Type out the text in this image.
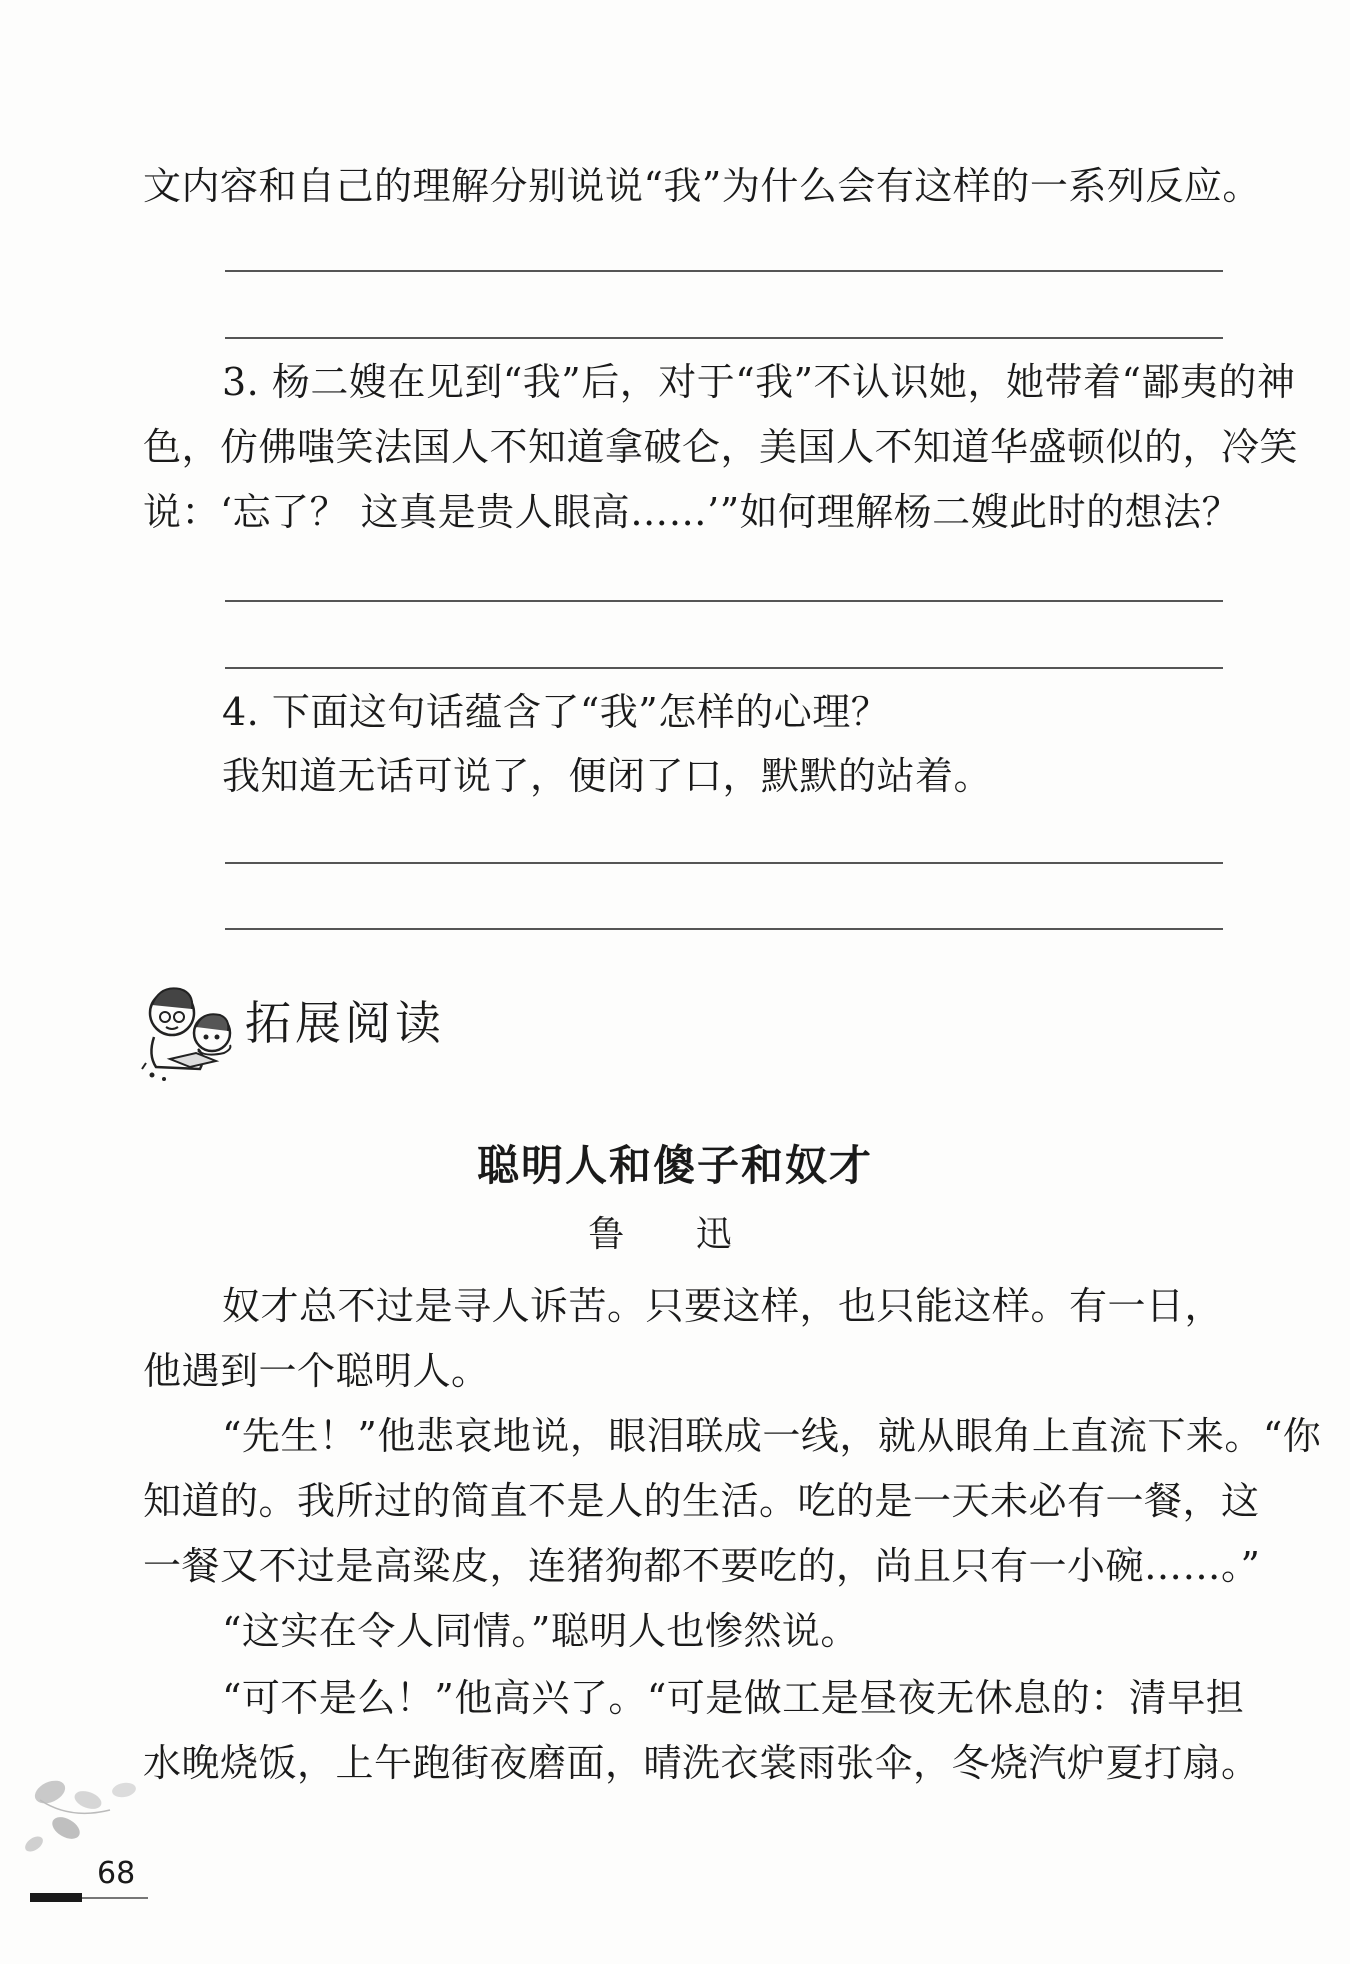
文内容和自己的理解分别说说“我”为什么会有这样的一系列反应。
3. 杨二嫂在见到“我”后，对于“我”不认识她，她带着“鄙夷的神
色，仿佛嗤笑法国人不知道拿破仑，美国人不知道华盛顿似的，冷笑
说：‘忘了？ 这真是贵人眼高……’”如何理解杨二嫂此时的想法？
4. 下面这句话蕴含了“我”怎样的心理？
我知道无话可说了，便闭了口，默默的站着。
拓展阅读
聪明人和傻子和奴才
鲁 迅
奴才总不过是寻人诉苦。只要这样，也只能这样。有一日，
他遇到一个聪明人。
“先生！”他悲哀地说，眼泪联成一线，就从眼角上直流下来。“你
知道的。我所过的简直不是人的生活。吃的是一天未必有一餐，这
一餐又不过是高粱皮，连猪狗都不要吃的，尚且只有一小碗……。”
“这实在令人同情。”聪明人也惨然说。
“可不是么！”他高兴了。“可是做工是昼夜无休息的：清早担
水晚烧饭，上午跑街夜磨面，晴洗衣裳雨张伞，冬烧汽炉夏打扇。
68
